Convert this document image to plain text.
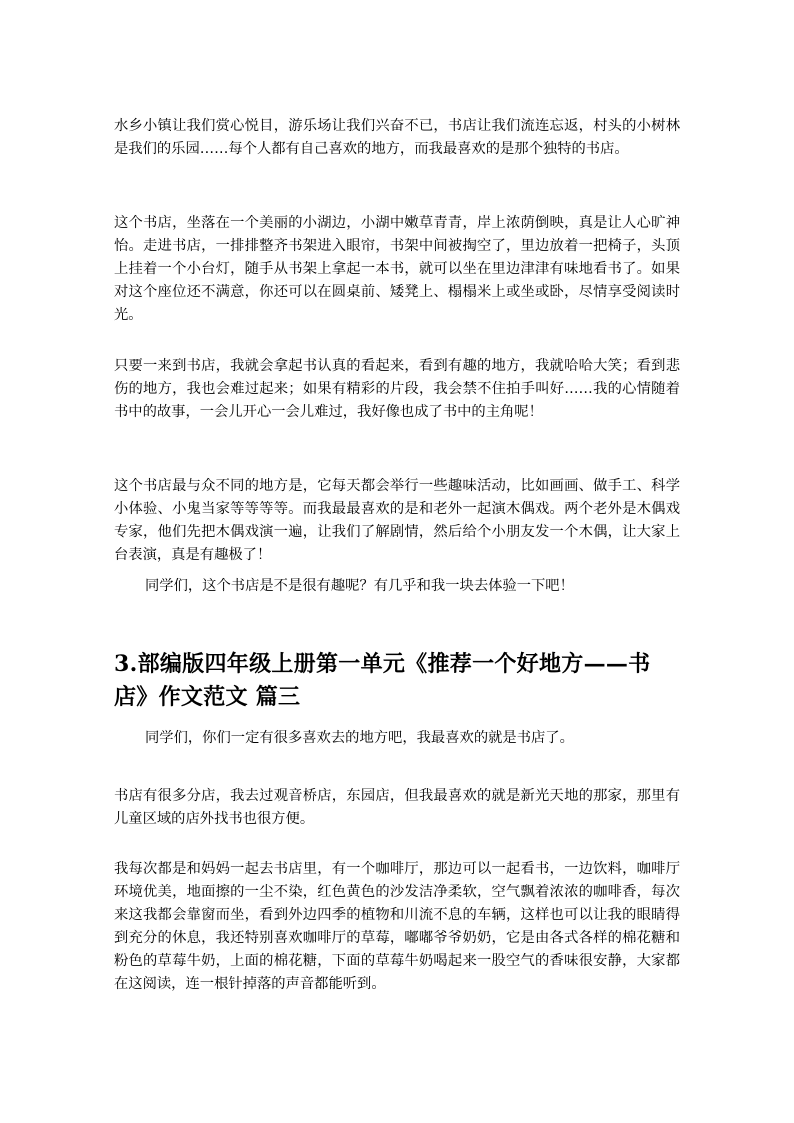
水乡小镇让我们赏心悦目，游乐场让我们兴奋不已，书店让我们流连忘返，村头的小树林是我们的乐园……每个人都有自己喜欢的地方，而我最喜欢的是那个独特的书店。

这个书店，坐落在一个美丽的小湖边，小湖中嫩草青青，岸上浓荫倒映，真是让人心旷神怡。走进书店，一排排整齐书架进入眼帘，书架中间被掏空了，里边放着一把椅子，头顶上挂着一个小台灯，随手从书架上拿起一本书，就可以坐在里边津津有味地看书了。如果对这个座位还不满意，你还可以在圆桌前、矮凳上、榻榻米上或坐或卧，尽情享受阅读时光。

只要一来到书店，我就会拿起书认真的看起来，看到有趣的地方，我就哈哈大笑；看到悲伤的地方，我也会难过起来；如果有精彩的片段，我会禁不住拍手叫好……我的心情随着书中的故事，一会儿开心一会儿难过，我好像也成了书中的主角呢！

这个书店最与众不同的地方是，它每天都会举行一些趣味活动，比如画画、做手工、科学小体验、小鬼当家等等等等。而我最最喜欢的是和老外一起演木偶戏。两个老外是木偶戏专家，他们先把木偶戏演一遍，让我们了解剧情，然后给个小朋友发一个木偶，让大家上台表演，真是有趣极了！

同学们，这个书店是不是很有趣呢？有几乎和我一块去体验一下吧！

3.部编版四年级上册第一单元《推荐一个好地方——书店》作文范文 篇三

同学们，你们一定有很多喜欢去的地方吧，我最喜欢的就是书店了。

书店有很多分店，我去过观音桥店，东园店，但我最喜欢的就是新光天地的那家，那里有儿童区域的店外找书也很方便。

我每次都是和妈妈一起去书店里，有一个咖啡厅，那边可以一起看书，一边饮料，咖啡厅环境优美，地面擦的一尘不染，红色黄色的沙发洁净柔软，空气飘着浓浓的咖啡香，每次来这我都会靠窗而坐，看到外边四季的植物和川流不息的车辆，这样也可以让我的眼睛得到充分的休息，我还特别喜欢咖啡厅的草莓，嘟嘟爷爷奶奶，它是由各式各样的棉花糖和粉色的草莓牛奶，上面的棉花糖，下面的草莓牛奶喝起来一股空气的香味很安静，大家都在这阅读，连一根针掉落的声音都能听到。
